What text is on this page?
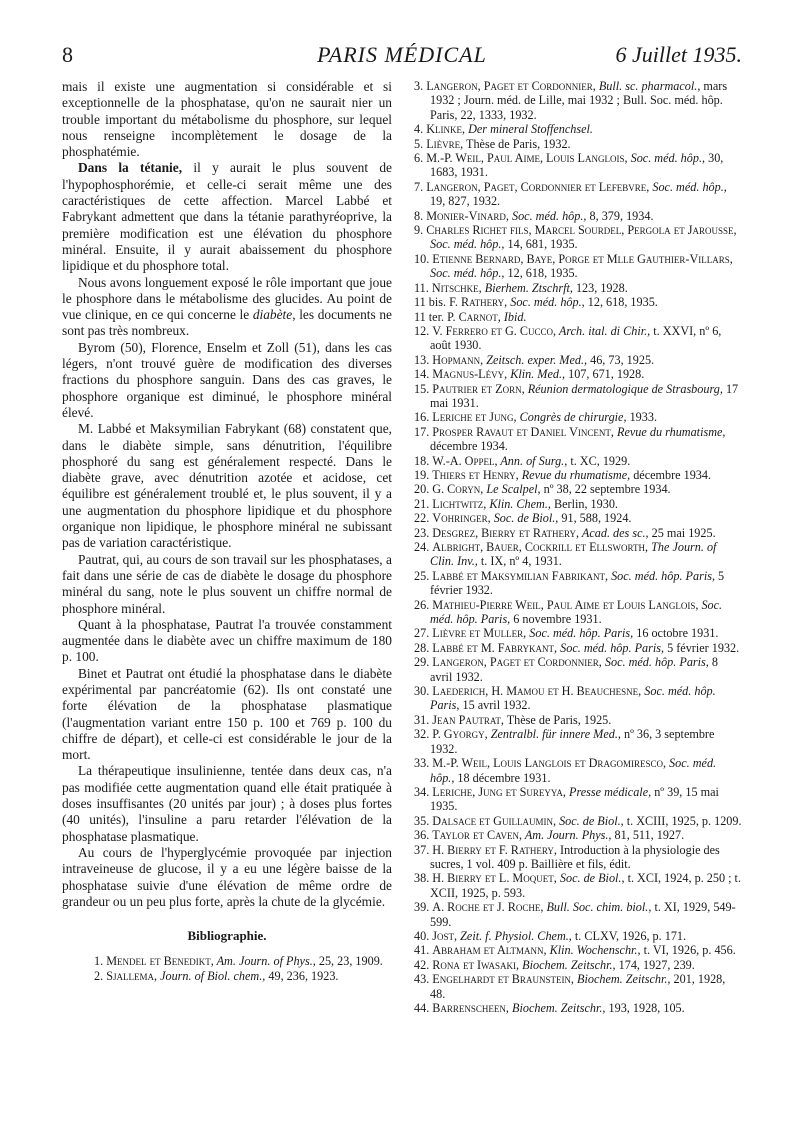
8	PARIS MÉDICAL	6 Juillet 1935.

mais il existe une augmentation si considérable et si exceptionnelle de la phosphatase, qu'on ne saurait nier un trouble important du métabolisme du phosphore, sur lequel nous renseigne incomplètement le dosage de la phosphatémie.

Dans la tétanie, il y aurait le plus souvent de l'hypophosphorémie, et celle-ci serait même une des caractéristiques de cette affection. Marcel Labbé et Fabrykant admettent que dans la tétanie parathyréoprive, la première modification est une élévation du phosphore minéral. Ensuite, il y aurait abaissement du phosphore lipidique et du phosphore total.

Nous avons longuement exposé le rôle important que joue le phosphore dans le métabolisme des glucides. Au point de vue clinique, en ce qui concerne le diabète, les documents ne sont pas très nombreux.

Byrom (50), Florence, Enselm et Zoll (51), dans les cas légers, n'ont trouvé guère de modification des diverses fractions du phosphore sanguin. Dans des cas graves, le phosphore organique est diminué, le phosphore minéral élevé.

M. Labbé et Maksymilian Fabrykant (68) constatent que, dans le diabète simple, sans dénutrition, l'équilibre phosphoré du sang est généralement respecté. Dans le diabète grave, avec dénutrition azotée et acidose, cet équilibre est généralement troublé et, le plus souvent, il y a une augmentation du phosphore lipidique et du phosphore organique non lipidique, le phosphore minéral ne subissant pas de variation caractéristique.

Pautrat, qui, au cours de son travail sur les phosphatases, a fait dans une série de cas de diabète le dosage du phosphore minéral du sang, note le plus souvent un chiffre normal de phosphore minéral.

Quant à la phosphatase, Pautrat l'a trouvée constamment augmentée dans le diabète avec un chiffre maximum de 180 p. 100.

Binet et Pautrat ont étudié la phosphatase dans le diabète expérimental par pancréatomie (62). Ils ont constaté une forte élévation de la phosphatase plasmatique (l'augmentation variant entre 150 p. 100 et 769 p. 100 du chiffre de départ), et celle-ci est considérable le jour de la mort.

La thérapeutique insulinienne, tentée dans deux cas, n'a pas modifiée cette augmentation quand elle était pratiquée à doses insuffisantes (20 unités par jour) ; à doses plus fortes (40 unités), l'insuline a paru retarder l'élévation de la phosphatase plasmatique.

Au cours de l'hyperglycémie provoquée par injection intraveineuse de glucose, il y a eu une légère baisse de la phosphatase suivie d'une élévation de même ordre de grandeur ou un peu plus forte, après la chute de la glycémie.

Bibliographie.

1. Mendel et Benedikt, Am. Journ. of Phys., 25, 23, 1909.

2. Sjallema, Journ. of Biol. chem., 49, 236, 1923.

3. Langeron, Paget et Cordonnier, Bull. sc. pharmacol., mars 1932 ; Journ. méd. de Lille, mai 1932 ; Bull. Soc. méd. hôp. Paris, 22, 1333, 1932.

4. Klinke, Der mineral Stoffenchsel.

5. Lièvre, Thèse de Paris, 1932.

6. M.-P. Weil, Paul Aime, Louis Langlois, Soc. méd. hôp., 30, 1683, 1931.

7. Langeron, Paget, Cordonnier et Lefebvre, Soc. méd. hôp., 19, 827, 1932.

8. Monier-Vinard, Soc. méd. hôp., 8, 379, 1934.

9. Charles Richet fils, Marcel Sourdel, Pergola et Jarousse, Soc. méd. hôp., 14, 681, 1935.

10. Etienne Bernard, Baye, Porge et Mlle Gauthier-Villars, Soc. méd. hôp., 12, 618, 1935.

11. Nitschke, Bierhem. Ztschrft, 123, 1928.

11 bis. F. Rathery, Soc. méd. hôp., 12, 618, 1935.

11 ter. P. Carnot, Ibid.

12. V. Ferrero et G. Cucco, Arch. ital. di Chir., t. XXVI, nº 6, août 1930.

13. Hopmann, Zeitsch. exper. Med., 46, 73, 1925.

14. Magnus-Lévy, Klin. Med., 107, 671, 1928.

15. Pautrier et Zorn, Réunion dermatologique de Strasbourg, 17 mai 1931.

16. Leriche et Jung, Congrès de chirurgie, 1933.

17. Prosper Ravaut et Daniel Vincent, Revue du rhumatisme, décembre 1934.

18. W.-A. Oppel, Ann. of Surg., t. XC, 1929.

19. Thiers et Henry, Revue du rhumatisme, décembre 1934.

20. G. Coryn, Le Scalpel, nº 38, 22 septembre 1934.

21. Lichtwitz, Klin. Chem., Berlin, 1930.

22. Vohringer, Soc. de Biol., 91, 588, 1924.

23. Desgrez, Bierry et Rathery, Acad. des sc., 25 mai 1925.

24. Albright, Bauer, Cockrill et Ellsworth, The Journ. of Clin. Inv., t. IX, nº 4, 1931.

25. Labbé et Maksymilian Fabrikant, Soc. méd. hôp. Paris, 5 février 1932.

26. Mathieu-Pierre Weil, Paul Aime et Louis Langlois, Soc. méd. hôp. Paris, 6 novembre 1931.

27. Lièvre et Muller, Soc. méd. hôp. Paris, 16 octobre 1931.

28. Labbé et M. Fabrykant, Soc. méd. hôp. Paris, 5 février 1932.

29. Langeron, Paget et Cordonnier, Soc. méd. hôp. Paris, 8 avril 1932.

30. Laederich, H. Mamou et H. Beauchesne, Soc. méd. hôp. Paris, 15 avril 1932.

31. Jean Pautrat, Thèse de Paris, 1925.

32. P. Gyorgy, Zentralbl. für innere Med., nº 36, 3 septembre 1932.

33. M.-P. Weil, Louis Langlois et Dragomiresco, Soc. méd. hôp., 18 décembre 1931.

34. Leriche, Jung et Sureyya, Presse médicale, nº 39, 15 mai 1935.

35. Dalsace et Guillaumin, Soc. de Biol., t. XCIII, 1925, p. 1209.

36. Taylor et Caven, Am. Journ. Phys., 81, 511, 1927.

37. H. Bierry et F. Rathery, Introduction à la physiologie des sucres, 1 vol. 409 p. Baillière et fils, édit.

38. H. Bierry et L. Moquet, Soc. de Biol., t. XCI, 1924, p. 250 ; t. XCII, 1925, p. 593.

39. A. Roche et J. Roche, Bull. Soc. chim. biol., t. XI, 1929, 549-599.

40. Jost, Zeit. f. Physiol. Chem., t. CLXV, 1926, p. 171.

41. Abraham et Altmann, Klin. Wochenschr., t. VI, 1926, p. 456.

42. Rona et Iwasaki, Biochem. Zeitschr., 174, 1927, 239.

43. Engelhardt et Braunstein, Biochem. Zeitschr., 201, 1928, 48.

44. Barrenscheen, Biochem. Zeitschr., 193, 1928, 105.
